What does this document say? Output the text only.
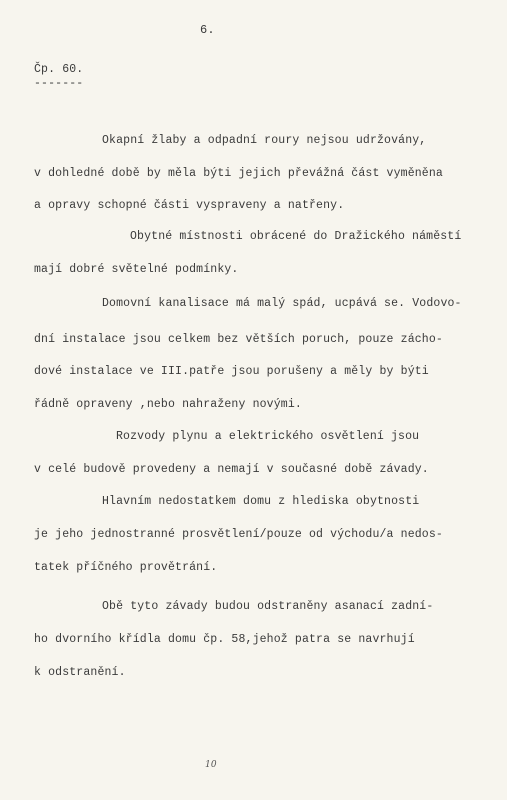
6.
Čp. 60.
-------
Okapní žlaby a odpadní roury nejsou udržovány,
v dohledné době by měla býti jejich převážná část vyměněna
a opravy schopné části vyspraveny a natřeny.
Obytné místnosti obrácené do Dražického náměstí
mají dobré světelné podmínky.
Domovní kanalisace má malý spád, ucpává se. Vodovo-
dní instalace jsou celkem bez větších poruch, pouze zácho-
dové instalace ve III.patře jsou porušeny a měly by býti
řádně opraveny ,nebo nahraženy novými.
Rozvody plynu a elektrického osvětlení jsou
v celé budově provedeny a nemají v současné době závady.
Hlavním nedostatkem domu z hlediska obytnosti
je jeho jednostranné prosvětlení/pouze od východu/a nedos-
tatek příčného provětrání.
Obě tyto závady budou odstraněny asanací zadní-
ho dvorního křídla domu čp. 58,jehož patra se navrhují
k odstranění.
10
